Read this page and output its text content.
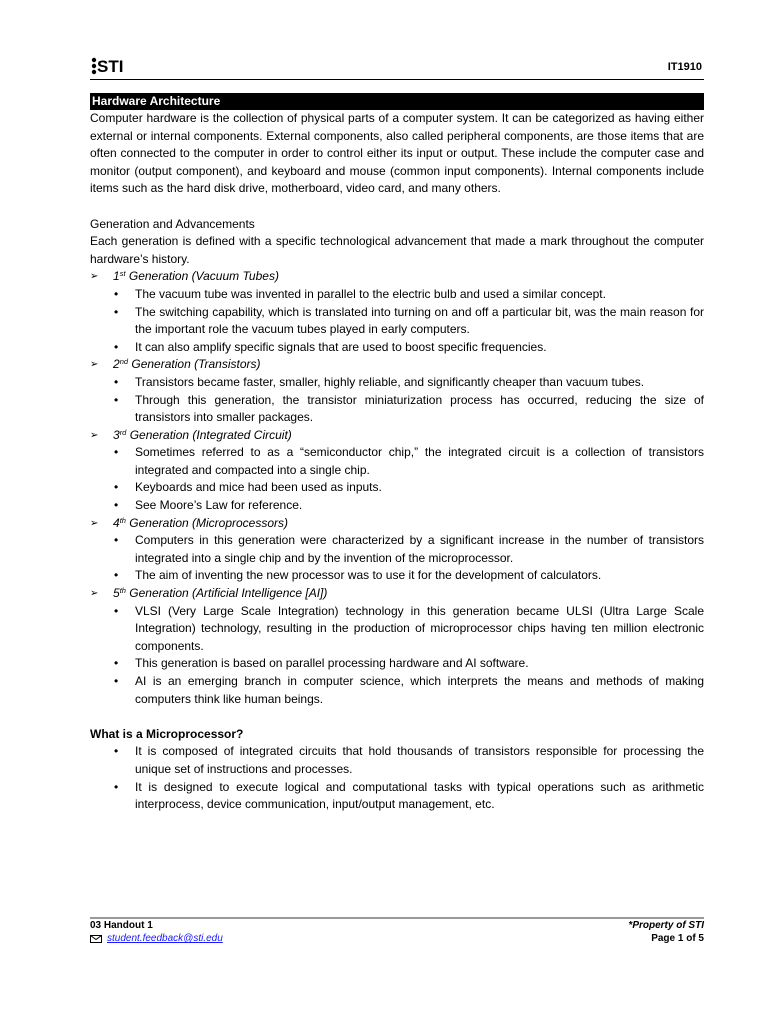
STI	IT1910
Hardware Architecture

Computer hardware is the collection of physical parts of a computer system. It can be categorized as having either external or internal components. External components, also called peripheral components, are those items that are often connected to the computer in order to control either its input or output. These include the computer case and monitor (output component), and keyboard and mouse (common input components). Internal components include items such as the hard disk drive, motherboard, video card, and many others.

Generation and Advancements

Each generation is defined with a specific technological advancement that made a mark throughout the computer hardware’s history.

➢	1st Generation (Vacuum Tubes)
• The vacuum tube was invented in parallel to the electric bulb and used a similar concept.
• The switching capability, which is translated into turning on and off a particular bit, was the main reason for the important role the vacuum tubes played in early computers.
• It can also amplify specific signals that are used to boost specific frequencies.
➢	2nd Generation (Transistors)
• Transistors became faster, smaller, highly reliable, and significantly cheaper than vacuum tubes.
• Through this generation, the transistor miniaturization process has occurred, reducing the size of transistors into smaller packages.
➢	3rd Generation (Integrated Circuit)
• Sometimes referred to as a “semiconductor chip,” the integrated circuit is a collection of transistors integrated and compacted into a single chip.
• Keyboards and mice had been used as inputs.
• See Moore’s Law for reference.
➢	4th Generation (Microprocessors)
• Computers in this generation were characterized by a significant increase in the number of transistors integrated into a single chip and by the invention of the microprocessor.
• The aim of inventing the new processor was to use it for the development of calculators.
➢	5th Generation (Artificial Intelligence [AI])
• VLSI (Very Large Scale Integration) technology in this generation became ULSI (Ultra Large Scale Integration) technology, resulting in the production of microprocessor chips having ten million electronic components.
• This generation is based on parallel processing hardware and AI software.
• AI is an emerging branch in computer science, which interprets the means and methods of making computers think like human beings.

What is a Microprocessor?

• It is composed of integrated circuits that hold thousands of transistors responsible for processing the unique set of instructions and processes.
• It is designed to execute logical and computational tasks with typical operations such as arithmetic interprocess, device communication, input/output management, etc.
03 Handout 1	*Property of STI
student.feedback@sti.edu	Page 1 of 5
